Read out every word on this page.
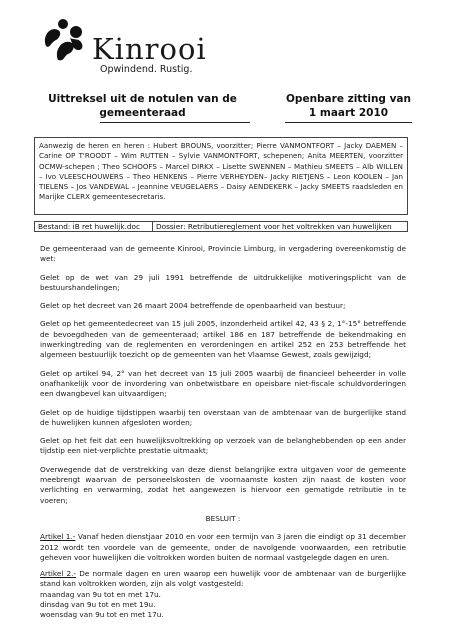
Kinrooi
Opwindend. Rustig.
Uittreksel uit de notulen van de gemeenteraad
Openbare zitting van 1 maart 2010
Aanwezig de heren en heren : Hubert BROUNS, voorzitter; Pierre VANMONTFORT – Jacky DAEMEN – Carine OP T'ROODT – Wim RUTTEN – Sylvie VANMONTFORT, schepenen; Anita MEERTEN, voorzitter OCMW-schepen ; Theo SCHOOFS – Marcel DIRKX – Lisette SWENNEN – Mathieu SMEETS – Alb WILLEN – Ivo VLEESCHOUWERS – Theo HENKENS – Pierre VERHEYDEN– Jacky RIETJENS – Leon KOOLEN – Jan TIELENS – Jos VANDEWAL – Jeannine VEUGELAERS – Daisy AENDEKERK – Jacky SMEETS raadsleden en Marijke CLERX gemeentesecretaris.
Bestand: iB ret huwelijk.doc Dossier: Retributiereglement voor het voltrekken van huwelijken

De gemeenteraad van de gemeente Kinrooi, Provincie Limburg, in vergadering overeenkomstig de wet:

Gelet op de wet van 29 juli 1991 betreffende de uitdrukkelijke motiveringsplicht van de bestuurshandelingen;

Gelet op het decreet van 26 maart 2004 betreffende de openbaarheid van bestuur;

Gelet op het gemeentedecreet van 15 juli 2005, inzonderheid artikel 42, 43 § 2, 1°-15° betreffende de bevoegdheden van de gemeenteraad; artikel 186 en 187 betreffende de bekendmaking en inwerkingtreding van de reglementen en verordeningen en artikel 252 en 253 betreffende het algemeen bestuurlijk toezicht op de gemeenten van het Vlaamse Gewest, zoals gewijzigd;

Gelet op artikel 94, 2° van het decreet van 15 juli 2005 waarbij de financieel beheerder in volle onafhankelijk voor de invordering van onbetwistbare en opeisbare niet-fiscale schuldvorderingen een dwangbevel kan uitvaardigen;

Gelet op de huidige tijdstippen waarbij ten overstaan van de ambtenaar van de burgerlijke stand de huwelijken kunnen afgesloten worden;

Gelet op het feit dat een huwelijksvoltrekking op verzoek van de belanghebbenden op een ander tijdstip een niet-verplichte prestatie uitmaakt;

Overwegende dat de verstrekking van deze dienst belangrijke extra uitgaven voor de gemeente meebrengt waarvan de personeelskosten de voornaamste kosten zijn naast de kosten voor verlichting en verwarming, zodat het aangewezen is hiervoor een gematigde retributie in te voeren;

BESLUIT :

Artikel 1.- Vanaf heden dienstjaar 2010 en voor een termijn van 3 jaren die eindigt op 31 december 2012 wordt ten voordele van de gemeente, onder de navolgende voorwaarden, een retributie geheven voor huwelijken die voltrokken worden buiten de normaal vastgelegde dagen en uren.

Artikel 2.- De normale dagen en uren waarop een huwelijk voor de ambtenaar van de burgerlijke stand kan voltrokken worden, zijn als volgt vastgesteld:

maandag van 9u tot en met 17u.
dinsdag van 9u tot en met 19u.
woensdag van 9u tot en met 17u.
